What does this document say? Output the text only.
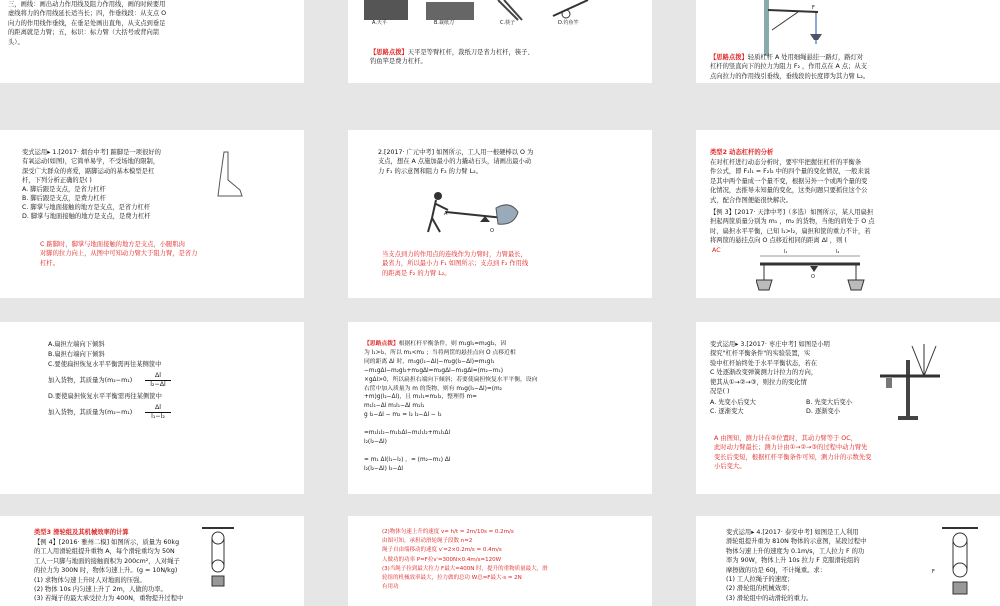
三，画线：画出动力作用线及阻力作用线，画的时候要用
虚线将力的作用线延长适当长；四，作垂线段：从支点 O
向力的作用线作垂线，在垂足处画出直角，从支点到垂足
的距离就是力臂；五，标识：标力臂（大括号或背向箭
头）。
A.天平	B.裁纸刀	C.筷子	D.钓鱼竿
【思路点拨】天平是等臂杠杆，裁纸刀是省力杠杆，筷子、
钓鱼竿是费力杠杆。
F
【思路点拨】轻质杠杆 A 处用细绳悬挂一路灯，路灯对
杠杆的竖直向下的拉力为阻力 F₂ ，作用点在 A 点；从支
点向拉力的作用线引垂线，垂线段的长度即为其力臂 L₂。
变式运用▸ 1.[2017· 烟台中考] 踮脚是一项很好的
有氧运动(如图)，它简单易学，不受场地的限制，
深受广大群众的喜爱，踮脚运动的基本模型是杠
杆，下列分析正确的是( )
A. 脚后跟是支点，是省力杠杆
B. 脚后跟是支点，是费力杠杆
C. 脚掌与地面接触的地方是支点，是省力杠杆
D. 脚掌与地面接触的地方是支点，是费力杠杆
C 踮脚时，脚掌与地面接触的地方是支点，小腿肌肉
对脚的拉力向上，从图中可知动力臂大于阻力臂，是省力
杠杆。
2.[2017· 广元中考] 如图所示，工人用一根硬棒以 O 为
支点，想在 A 点施加最小的力撬动石头，请画出最小动
力 F₁ 的示意图和阻力 F₂ 的力臂 L₂。
O
A
当支点到力的作用点的连线作为力臂时，力臂最长，
最省力，所以最小力 F₁ 如图所示；支点到 F₂ 作用线
的距离是 F₂ 的力臂 L₂。
类型2 动态杠杆的分析
在对杠杆进行动态分析时，要牢牢把握住杠杆的平衡条
件公式，即 F₁l₁ = F₂l₂ 中的四个量的变化情况，一般来说
是其中两个量成一个量不变，根据另外一个或两个量的变
化情况，去推导未知量的变化，这类问题只要抓住这个公
式，配合作图便能很快解决。
【例 3】[2017· 天津中考]（多选）如图所示，某人用扁担
担起两筐质量分别为 m₁ ，m₂ 的货物，当他的肩处于 O 点
时，扁担水平平衡，已知 l₁>l₂，扁担和筐的重力不计，若
将两筐的悬挂点向 O 点移近相同的距离 Δl ，则 (
AC	l₁	l₂
O
A.扁担左端向下倾斜
B.扁担右端向下倾斜
C.要使扁担恢复水平平衡需再往某侧筐中
加入货物，其质量为(m₂−m₁)
Δl
l₂−Δl
D.要使扁担恢复水平平衡需再往某侧筐中
加入货物，其质量为(m₂−m₁)
Δl
l₁−l₂
【思路点拨】根据杠杆平衡条件，则 m₁gl₁=m₂gl₂，因
为 l₁>l₂，所以 m₁<m₂ ；当将两筐的悬挂点向 O 点移近相
同的距离 Δl 时，m₁g(l₁−Δl)−m₂g(l₂−Δl)=m₁gl₁
−m₁gΔl−m₂gl₂+m₂gΔl=m₂gΔl−m₁gΔl=(m₂−m₁)
×gΔl>0，所以扁担右端向下倾斜；若要使扁担恢复水平平衡，设向
右筐中加入质量为 m 的货物，则有 m₁g(l₁−Δl)=(m₂
+m)g(l₂−Δl)，且 m₁l₁=m₂l₂，整理得 m=
m₁l₁−Δl m₁l₁−Δl m₁l₁
g l₂−Δl − m₂ = l₂ l₂−Δl − l₂

=m₁l₁l₂−m₁l₂Δl−m₁l₁l₂+m₁l₁Δl
l₂(l₂−Δl)

= m₁ Δl(l₁−l₂) ，= (m₂−m₁) Δl
l₂(l₂−Δl) l₂−Δl
变式运用▸ 3.[2017· 枣庄中考] 如图是小明
探究"杠杆平衡条件"的实验装置，实
验中杠杆始终处于水平平衡状态，若在
C 处逐渐改变弹簧测力计拉力的方向，
使其从①→②→③，则拉力的变化情
况是( )
A. 先变小后变大	B. 先变大后变小
C. 逐渐变大	D. 逐渐变小
A 由图知，测力计在②位置时，其动力臂等于 OC，
此时动力臂最长；测力计由①→②→③的过程中动力臂先
变长后变短，根据杠杆平衡条件可知，测力计的示数先变
小后变大。
类型3 滑轮组及其机械效率的计算
【例 4】[2016· 雅州二模] 如图所示，质量为 60kg
的工人用滑轮组提升重物 A，每个滑轮重均为 50N
工人一只脚与地面的接触面积为 200cm²，人对绳子
的拉力为 300N 时，物体匀速上升。(g = 10N/kg)
(1) 求物体匀速上升时人对地面的压强。
(2) 物体 10s 内匀速上升了 2m，人做的功率。
(3) 若绳子的最大承受拉力为 400N，重物提升过程中
(2)物体匀速上升的速度 v= h/t = 2m/10s = 0.2m/s
由图可知，承担动滑轮绳子段数 n=2
绳子自由端移动的速度 v′=2×0.2m/s = 0.4m/s
人做功的功率 P=F拉v′=300N×0.4m/s=120W
(3)当绳子拉到最大拉力 F最大=400N 时，提升的重物质量最大，滑
轮组的机械效率最大，拉力做的总功 W总=F最大·s = 2N
有用功
变式运用▸ 4.[2017· 泰安中考] 如图是工人利用
滑轮组提升重为 810N 物体的示意图，某段过程中
物体匀速上升的速度为 0.1m/s，工人拉力 F 的功
率为 90W，物体上升 10s 拉力 F 克服滑轮组的
摩擦做的功是 60J，不计绳重。求：
(1) 工人拉绳子的速度；
(2) 滑轮组的机械效率；
(3) 滑轮组中的动滑轮的重力。
F
